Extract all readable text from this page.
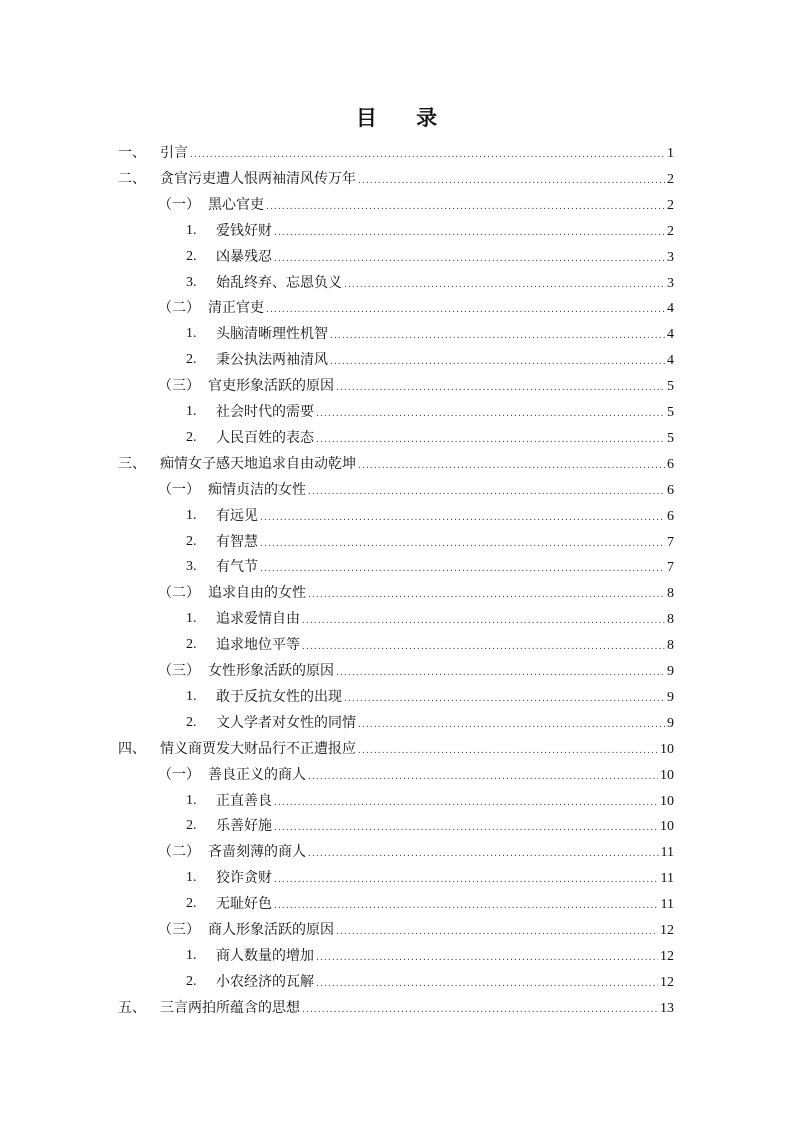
目 录
一、 引言 .....	1
二、 贪官污吏遭人恨两袖清风传万年 .....	2
（一） 黑心官吏 .....	2
1. 爱钱好财 .....	2
2. 凶暴残忍 .....	3
3. 始乱终弃、忘恩负义 .....	3
（二） 清正官吏 .....	4
1. 头脑清晰理性机智 .....	4
2. 秉公执法两袖清风 .....	4
（三） 官吏形象活跃的原因 .....	5
1. 社会时代的需要 .....	5
2. 人民百姓的表态 .....	5
三、 痴情女子感天地追求自由动乾坤 .....	6
（一） 痴情贞洁的女性 .....	6
1. 有远见 .....	6
2. 有智慧 .....	7
3. 有气节 .....	7
（二） 追求自由的女性 .....	8
1. 追求爱情自由 .....	8
2. 追求地位平等 .....	8
（三） 女性形象活跃的原因 .....	9
1. 敢于反抗女性的出现 .....	9
2. 文人学者对女性的同情 .....	9
四、 情义商贾发大财品行不正遭报应 .....	10
（一） 善良正义的商人 .....	10
1. 正直善良 .....	10
2. 乐善好施 .....	10
（二） 吝啬刻薄的商人 .....	11
1. 狡诈贪财 .....	11
2. 无耻好色 .....	11
（三） 商人形象活跃的原因 .....	12
1. 商人数量的增加 .....	12
2. 小农经济的瓦解 .....	12
五、 三言两拍所蕴含的思想 .....	13
